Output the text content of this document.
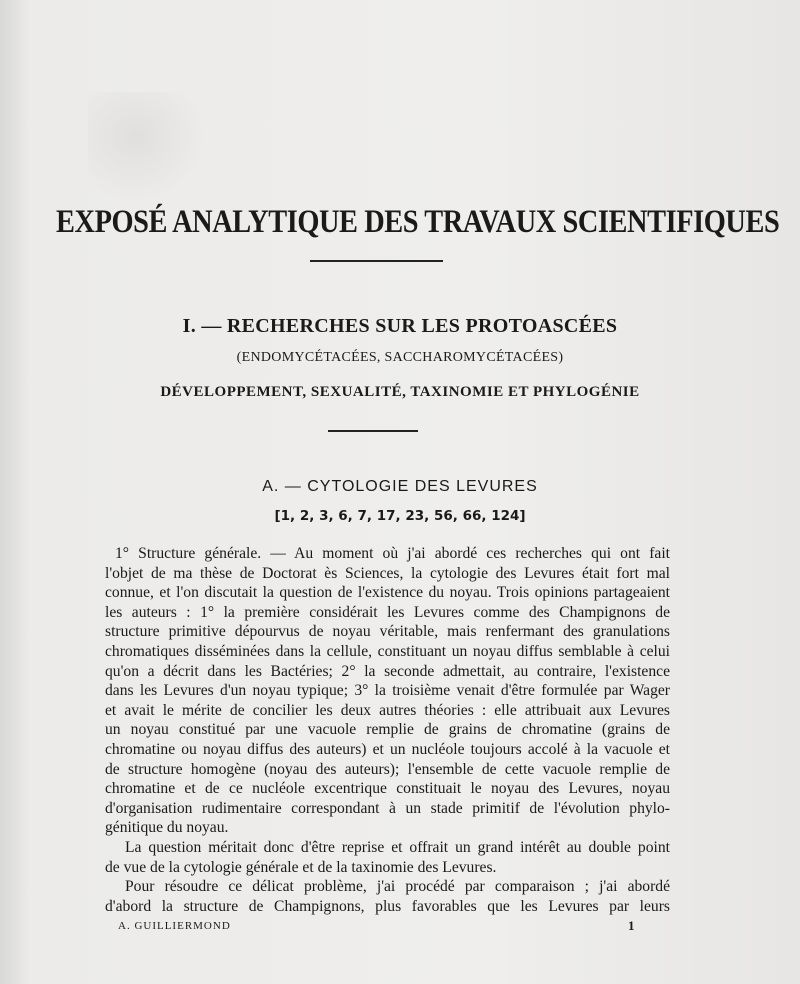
EXPOSÉ ANALYTIQUE DES TRAVAUX SCIENTIFIQUES
I. — RECHERCHES SUR LES PROTOASCÉES
(ENDOMYCÉTACÉES, SACCHAROMYCÉTACÉES)
DÉVELOPPEMENT, SEXUALITÉ, TAXINOMIE ET PHYLOGÉNIE
A. — CYTOLOGIE DES LEVURES
[1, 2, 3, 6, 7, 17, 23, 56, 66, 124]
1° Structure générale. — Au moment où j'ai abordé ces recherches qui ont fait
l'objet de ma thèse de Doctorat ès Sciences, la cytologie des Levures était fort mal
connue, et l'on discutait la question de l'existence du noyau. Trois opinions partageaient
les auteurs : 1° la première considérait les Levures comme des Champignons de
structure primitive dépourvus de noyau véritable, mais renfermant des granulations
chromatiques disséminées dans la cellule, constituant un noyau diffus semblable à celui
qu'on a décrit dans les Bactéries; 2° la seconde admettait, au contraire, l'existence
dans les Levures d'un noyau typique; 3° la troisième venait d'être formulée par Wager
et avait le mérite de concilier les deux autres théories : elle attribuait aux Levures
un noyau constitué par une vacuole remplie de grains de chromatine (grains de
chromatine ou noyau diffus des auteurs) et un nucléole toujours accolé à la vacuole et
de structure homogène (noyau des auteurs); l'ensemble de cette vacuole remplie de
chromatine et de ce nucléole excentrique constituait le noyau des Levures, noyau
d'organisation rudimentaire correspondant à un stade primitif de l'évolution phylo-
génitique du noyau.
La question méritait donc d'être reprise et offrait un grand intérêt au double point
de vue de la cytologie générale et de la taxinomie des Levures.
Pour résoudre ce délicat problème, j'ai procédé par comparaison ; j'ai abordé
d'abord la structure de Champignons, plus favorables que les Levures par leurs
A. GUILLIERMOND	1
